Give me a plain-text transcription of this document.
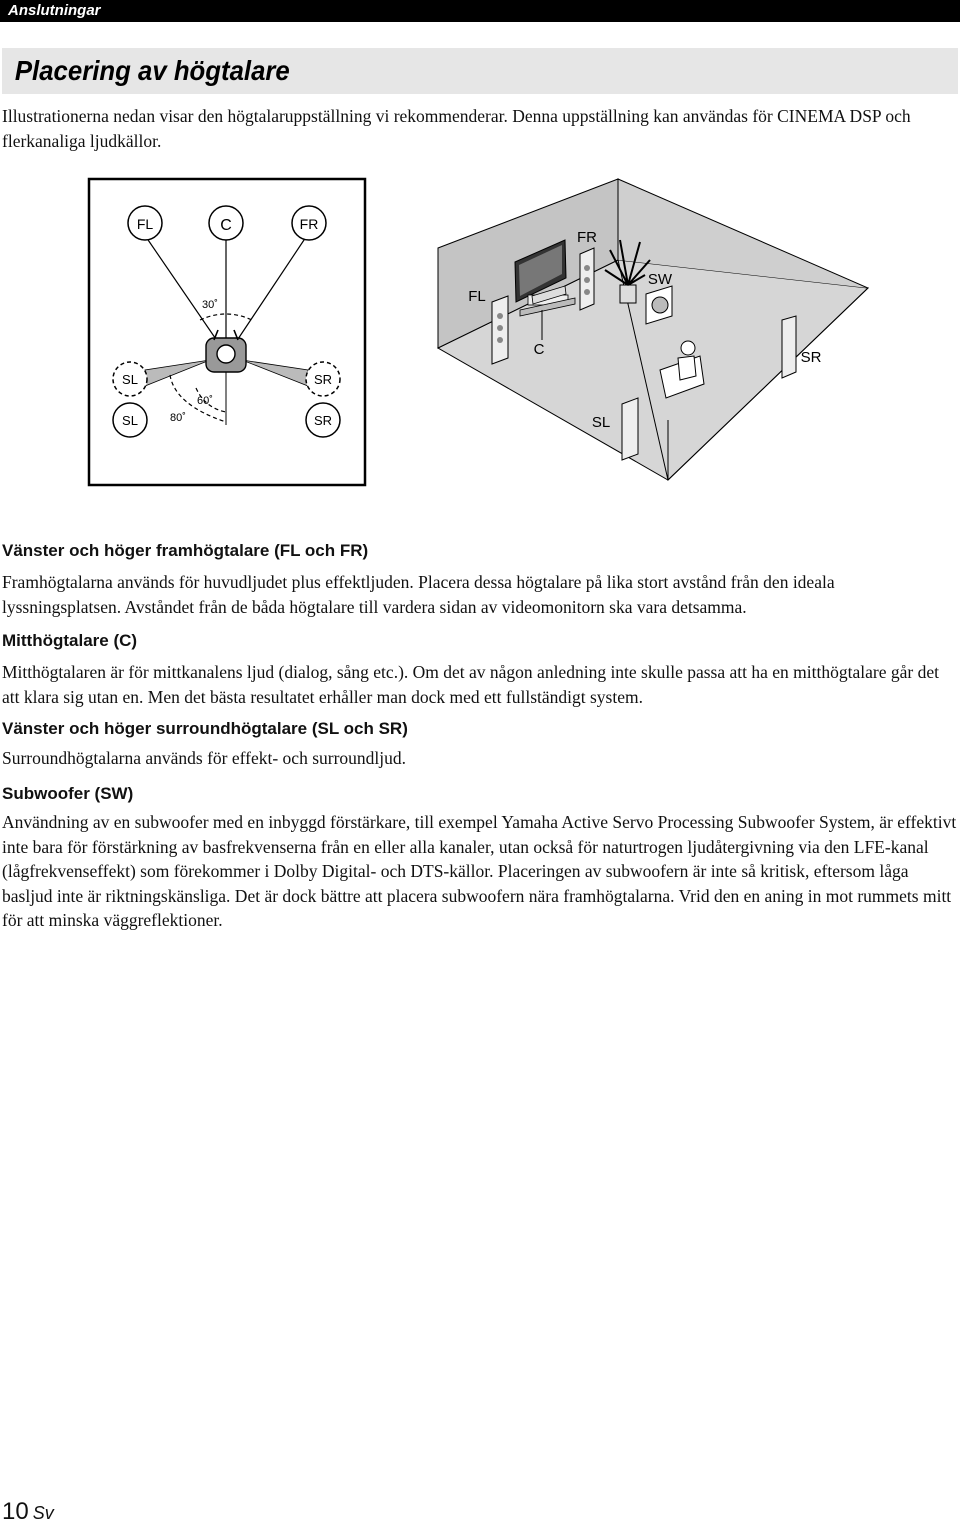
Anslutningar
Placering av högtalare

Illustrationerna nedan visar den högtalaruppställning vi rekommenderar. Denna uppställning kan användas för CINEMA DSP och flerkanaliga ljudkällor.

FL	C	FR
SL	SR
SL	SR
30˚
60˚
80˚
FR
SW
FL
C	SR
SL
Vänster och höger framhögtalare (FL och FR)

Framhögtalarna används för huvudljudet plus effektljuden. Placera dessa högtalare på lika stort avstånd från den ideala lyssningsplatsen. Avståndet från de båda högtalare till vardera sidan av videomonitorn ska vara detsamma.

Mitthögtalare (C)

Mitthögtalaren är för mittkanalens ljud (dialog, sång etc.). Om det av någon anledning inte skulle passa att ha en mitthögtalare går det att klara sig utan en. Men det bästa resultatet erhåller man dock med ett fullständigt system.

Vänster och höger surroundhögtalare (SL och SR)

Surroundhögtalarna används för effekt- och surroundljud.

Subwoofer (SW)

Användning av en subwoofer med en inbyggd förstärkare, till exempel Yamaha Active Servo Processing Subwoofer System, är effektivt inte bara för förstärkning av basfrekvenserna från en eller alla kanaler, utan också för naturtrogen ljudåtergivning via den LFE-kanal (lågfrekvenseffekt) som förekommer i Dolby Digital- och DTS-källor. Placeringen av subwoofern är inte så kritisk, eftersom låga basljud inte är riktningskänsliga. Det är dock bättre att placera subwoofern nära framhögtalarna. Vrid den en aning in mot rummets mitt för att minska väggreflektioner.

10 Sv
